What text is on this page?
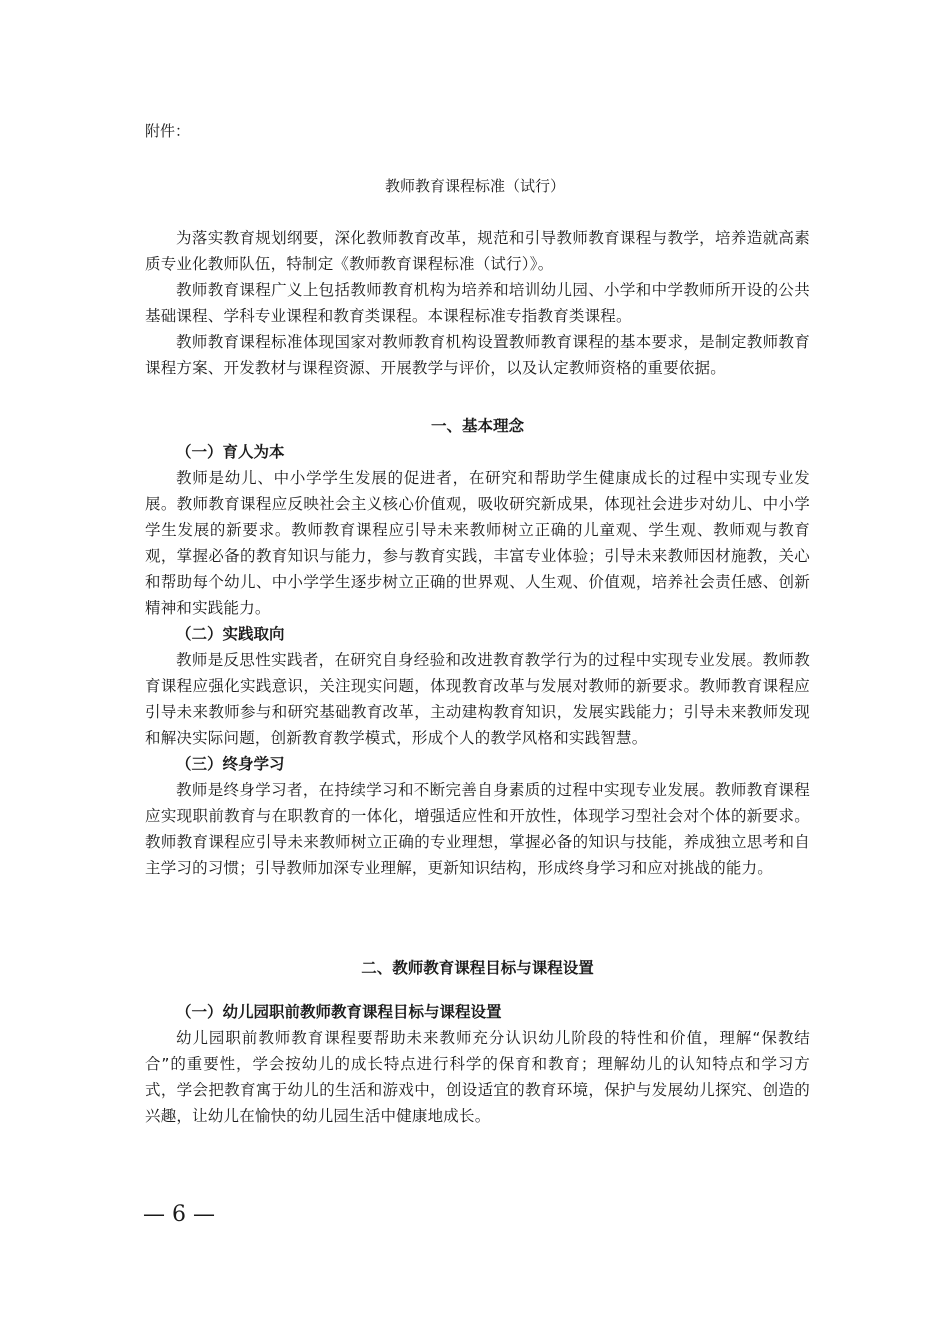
附件：
教师教育课程标准（试行）

为落实教育规划纲要，深化教师教育改革，规范和引导教师教育课程与教学，培养造就高素质专业化教师队伍，特制定《教师教育课程标准（试行）》。

教师教育课程广义上包括教师教育机构为培养和培训幼儿园、小学和中学教师所开设的公共基础课程、学科专业课程和教育类课程。本课程标准专指教育类课程。

教师教育课程标准体现国家对教师教育机构设置教师教育课程的基本要求，是制定教师教育课程方案、开发教材与课程资源、开展教学与评价，以及认定教师资格的重要依据。

一、基本理念

（一）育人为本

教师是幼儿、中小学学生发展的促进者，在研究和帮助学生健康成长的过程中实现专业发展。教师教育课程应反映社会主义核心价值观，吸收研究新成果，体现社会进步对幼儿、中小学学生发展的新要求。教师教育课程应引导未来教师树立正确的儿童观、学生观、教师观与教育观，掌握必备的教育知识与能力，参与教育实践，丰富专业体验；引导未来教师因材施教，关心和帮助每个幼儿、中小学学生逐步树立正确的世界观、人生观、价值观，培养社会责任感、创新精神和实践能力。

（二）实践取向

教师是反思性实践者，在研究自身经验和改进教育教学行为的过程中实现专业发展。教师教育课程应强化实践意识，关注现实问题，体现教育改革与发展对教师的新要求。教师教育课程应引导未来教师参与和研究基础教育改革，主动建构教育知识，发展实践能力；引导未来教师发现和解决实际问题，创新教育教学模式，形成个人的教学风格和实践智慧。

（三）终身学习

教师是终身学习者，在持续学习和不断完善自身素质的过程中实现专业发展。教师教育课程应实现职前教育与在职教育的一体化，增强适应性和开放性，体现学习型社会对个体的新要求。教师教育课程应引导未来教师树立正确的专业理想，掌握必备的知识与技能，养成独立思考和自主学习的习惯；引导教师加深专业理解，更新知识结构，形成终身学习和应对挑战的能力。

二、教师教育课程目标与课程设置

（一）幼儿园职前教师教育课程目标与课程设置

幼儿园职前教师教育课程要帮助未来教师充分认识幼儿阶段的特性和价值，理解“保教结合”的重要性，学会按幼儿的成长特点进行科学的保育和教育；理解幼儿的认知特点和学习方式，学会把教育寓于幼儿的生活和游戏中，创设适宜的教育环境，保护与发展幼儿探究、创造的兴趣，让幼儿在愉快的幼儿园生活中健康地成长。

— 6 —
